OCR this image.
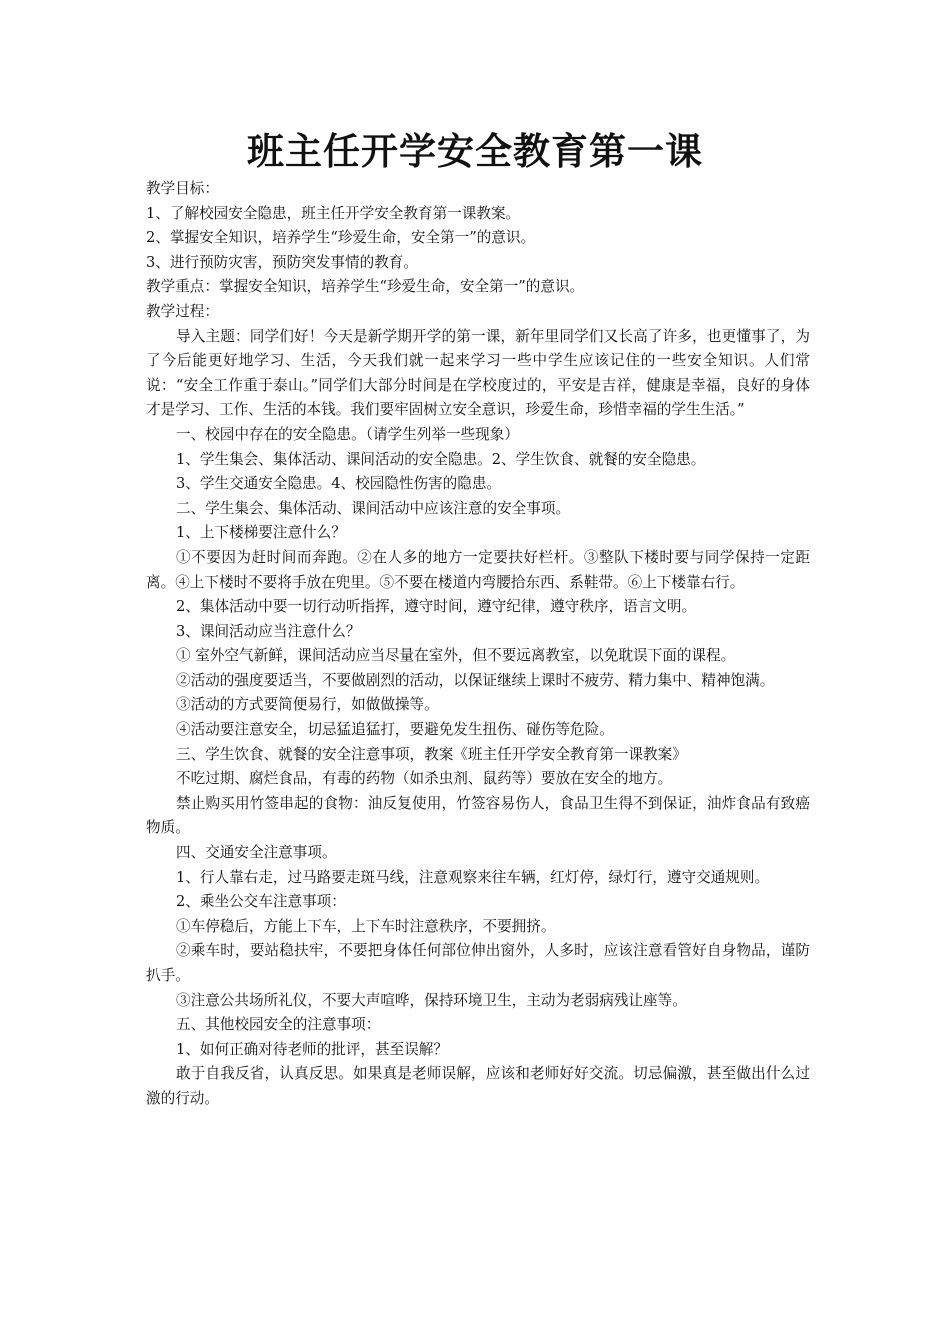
班主任开学安全教育第一课

教学目标：

1、了解校园安全隐患，班主任开学安全教育第一课教案。

2、掌握安全知识，培养学生“珍爱生命，安全第一”的意识。

3、进行预防灾害，预防突发事情的教育。

教学重点：掌握安全知识，培养学生“珍爱生命，安全第一”的意识。

教学过程：

导入主题：同学们好！今天是新学期开学的第一课，新年里同学们又长高了许多，也更懂事了，为了今后能更好地学习、生活，今天我们就一起来学习一些中学生应该记住的一些安全知识。人们常说：“安全工作重于泰山。”同学们大部分时间是在学校度过的，平安是吉祥，健康是幸福，良好的身体才是学习、工作、生活的本钱。我们要牢固树立安全意识，珍爱生命，珍惜幸福的学生生活。”

一、校园中存在的安全隐患。（请学生列举一些现象）

1、学生集会、集体活动、课间活动的安全隐患。2、学生饮食、就餐的安全隐患。

3、学生交通安全隐患。4、校园隐性伤害的隐患。

二、学生集会、集体活动、课间活动中应该注意的安全事项。

1、上下楼梯要注意什么？

①不要因为赶时间而奔跑。②在人多的地方一定要扶好栏杆。③整队下楼时要与同学保持一定距离。④上下楼时不要将手放在兜里。⑤不要在楼道内弯腰拾东西、系鞋带。⑥上下楼靠右行。

2、集体活动中要一切行动听指挥，遵守时间，遵守纪律，遵守秩序，语言文明。

3、课间活动应当注意什么？

① 室外空气新鲜，课间活动应当尽量在室外，但不要远离教室，以免耽误下面的课程。

②活动的强度要适当，不要做剧烈的活动，以保证继续上课时不疲劳、精力集中、精神饱满。

③活动的方式要简便易行，如做做操等。

④活动要注意安全，切忌猛追猛打，要避免发生扭伤、碰伤等危险。

三、学生饮食、就餐的安全注意事项，教案《班主任开学安全教育第一课教案》

不吃过期、腐烂食品，有毒的药物（如杀虫剂、鼠药等）要放在安全的地方。

禁止购买用竹签串起的食物：油反复使用，竹签容易伤人，食品卫生得不到保证，油炸食品有致癌物质。

四、交通安全注意事项。

1、行人靠右走，过马路要走斑马线，注意观察来往车辆，红灯停，绿灯行，遵守交通规则。

2、乘坐公交车注意事项：

①车停稳后，方能上下车，上下车时注意秩序，不要拥挤。

②乘车时，要站稳扶牢，不要把身体任何部位伸出窗外，人多时，应该注意看管好自身物品，谨防扒手。

③注意公共场所礼仪，不要大声喧哗，保持环境卫生，主动为老弱病残让座等。

五、其他校园安全的注意事项：

1、如何正确对待老师的批评，甚至误解？

敢于自我反省，认真反思。如果真是老师误解，应该和老师好好交流。切忌偏激，甚至做出什么过激的行动。
